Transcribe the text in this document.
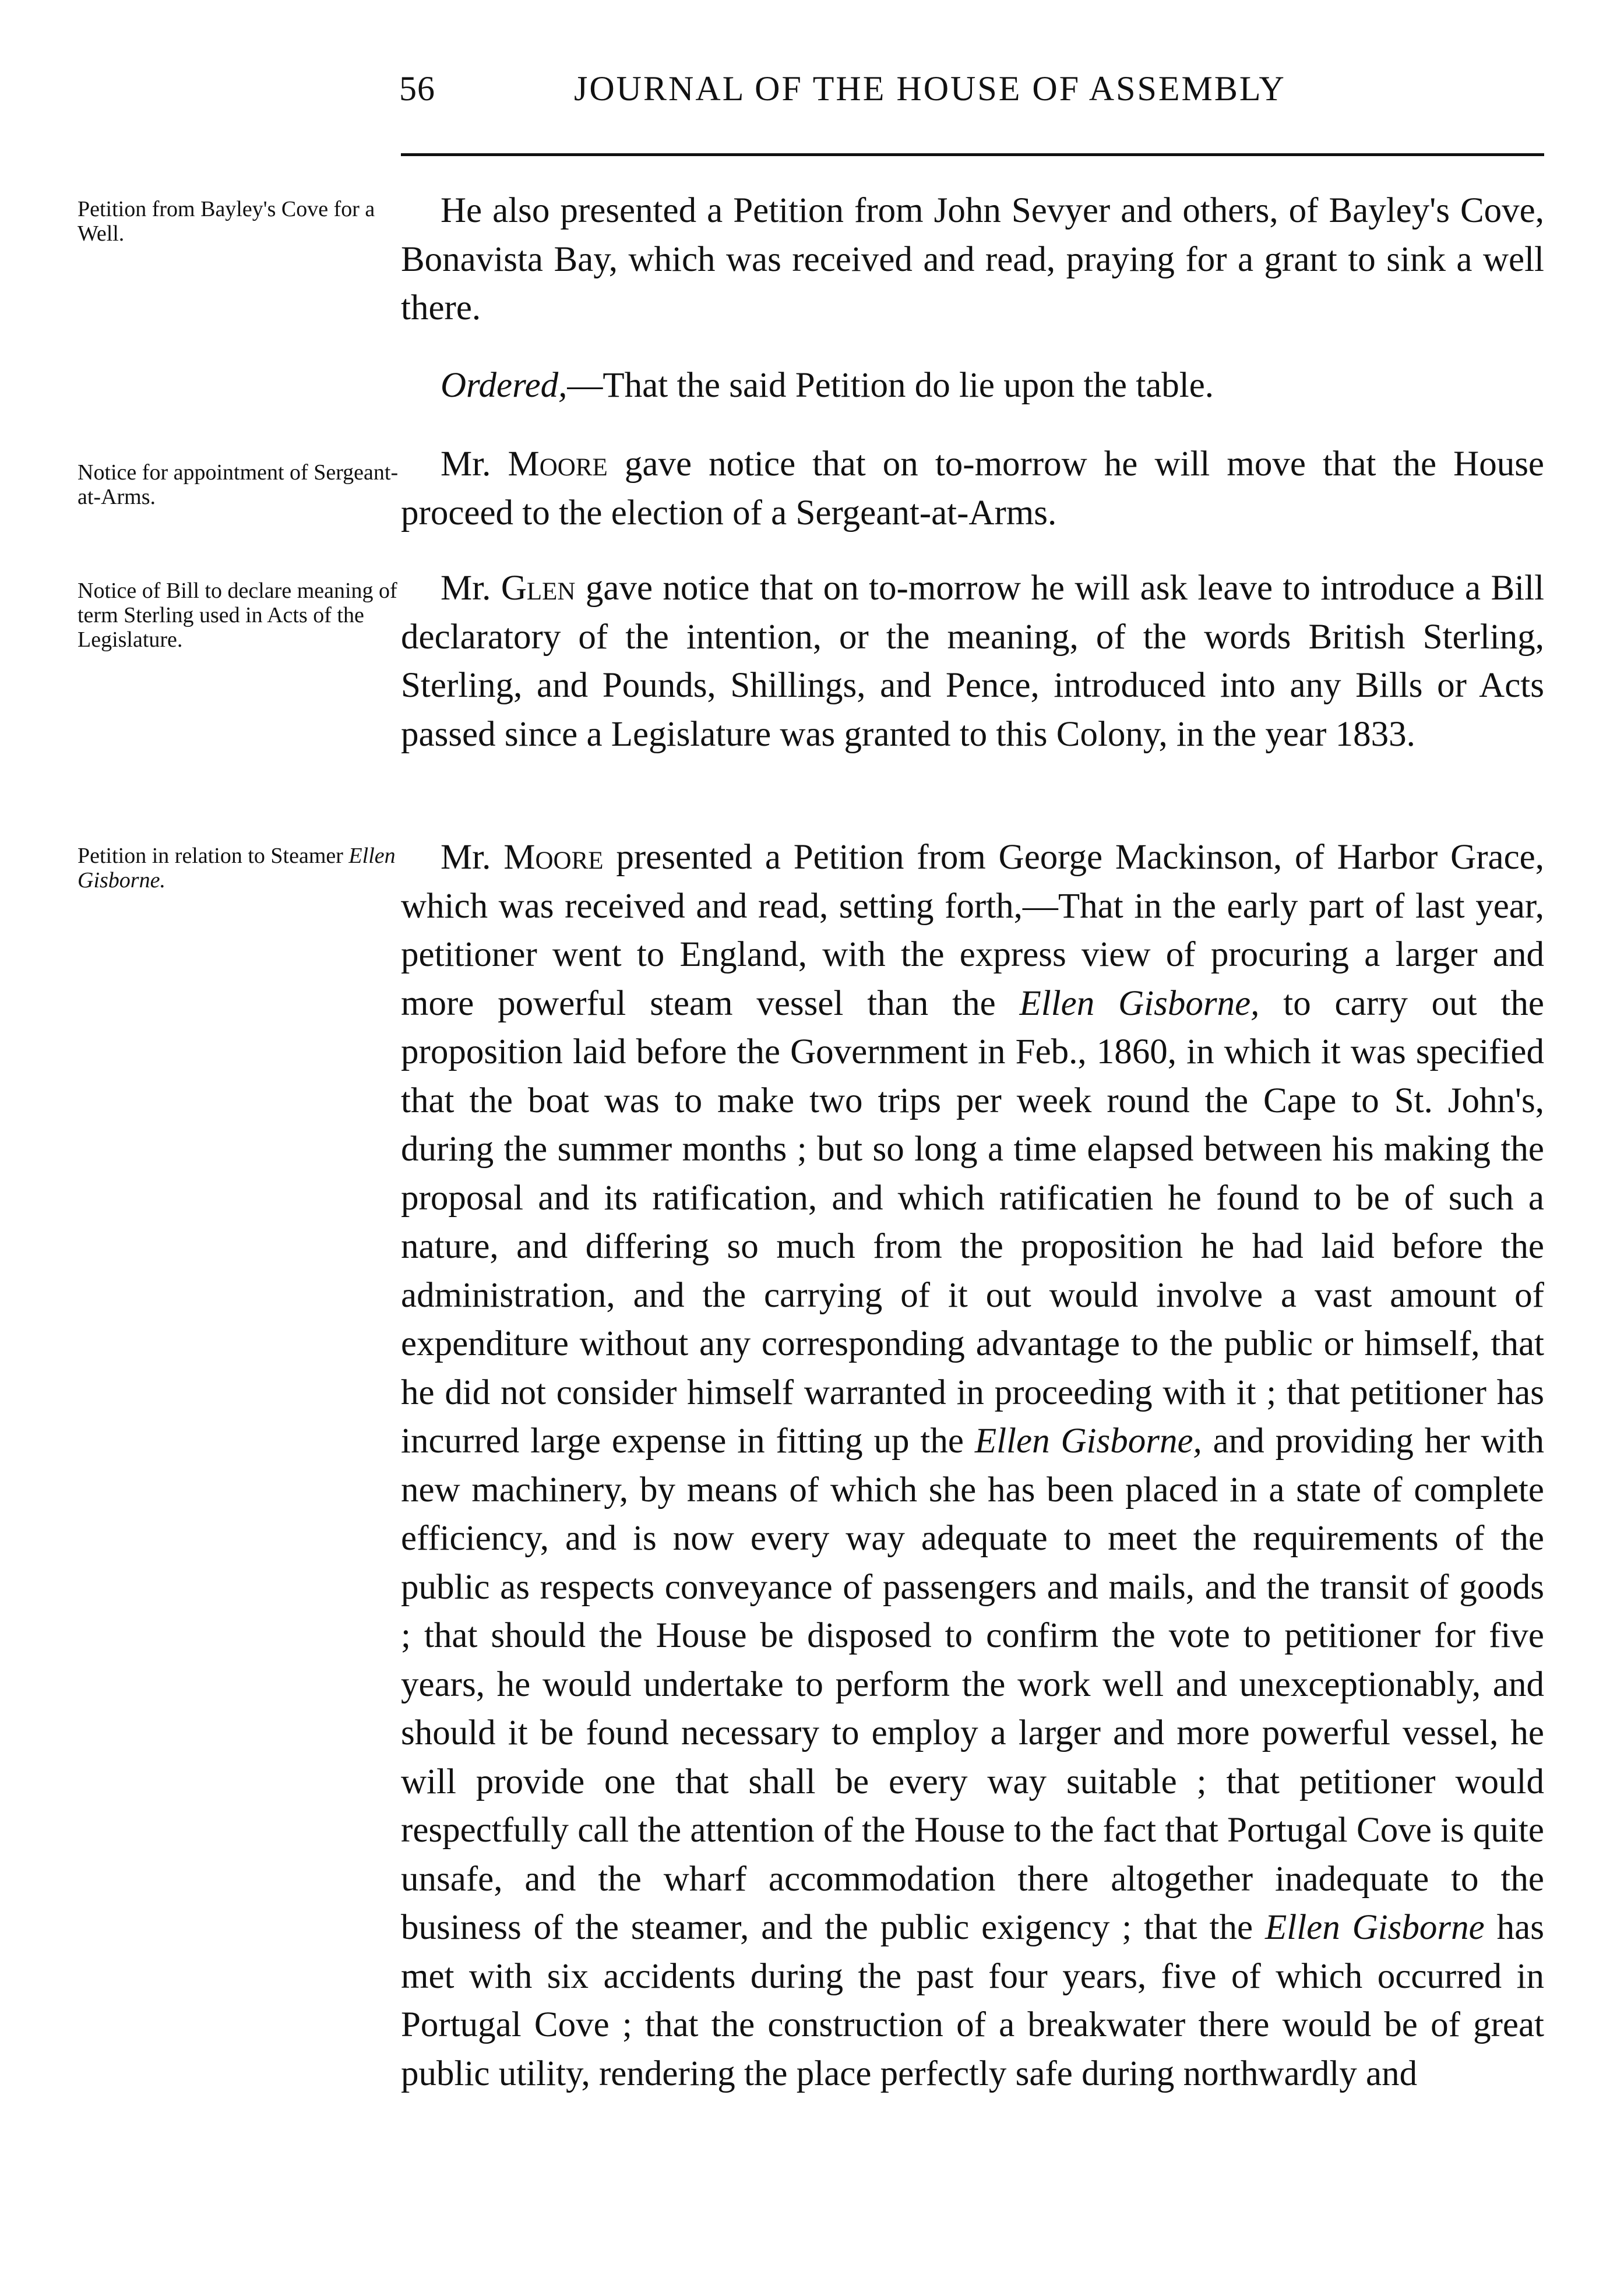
56	JOURNAL OF THE HOUSE OF ASSEMBLY
Petition from Bayley's Cove for a Well.
Notice for appointment of Sergeant-at-Arms.
Notice of Bill to declare meaning of term Sterling used in Acts of the Legislature.
Petition in relation to Steamer Ellen Gisborne.

He also presented a Petition from John Sevyer and others, of Bayley's Cove, Bonavista Bay, which was received and read, praying for a grant to sink a well there.

Ordered,—That the said Petition do lie upon the table.

Mr. Moore gave notice that on to-morrow he will move that the House proceed to the election of a Sergeant-at-Arms.

Mr. Glen gave notice that on to-morrow he will ask leave to introduce a Bill declaratory of the intention, or the meaning, of the words British Sterling, Sterling, and Pounds, Shillings, and Pence, introduced into any Bills or Acts passed since a Legislature was granted to this Colony, in the year 1833.

Mr. Moore presented a Petition from George Mackinson, of Harbor Grace, which was received and read, setting forth,—That in the early part of last year, petitioner went to England, with the express view of procuring a larger and more powerful steam vessel than the Ellen Gisborne, to carry out the proposition laid before the Government in Feb., 1860, in which it was specified that the boat was to make two trips per week round the Cape to St. John's, during the summer months ; but so long a time elapsed between his making the proposal and its ratification, and which ratificatien he found to be of such a nature, and differing so much from the proposition he had laid before the administration, and the carrying of it out would involve a vast amount of expenditure without any corresponding advantage to the public or himself, that he did not consider himself warranted in proceeding with it ; that petitioner has incurred large expense in fitting up the Ellen Gisborne, and providing her with new machinery, by means of which she has been placed in a state of complete efficiency, and is now every way adequate to meet the requirements of the public as respects conveyance of passengers and mails, and the transit of goods ; that should the House be disposed to confirm the vote to petitioner for five years, he would undertake to perform the work well and unexceptionably, and should it be found necessary to employ a larger and more powerful vessel, he will provide one that shall be every way suitable ; that petitioner would respectfully call the attention of the House to the fact that Portugal Cove is quite unsafe, and the wharf accommodation there altogether inadequate to the business of the steamer, and the public exigency ; that the Ellen Gisborne has met with six accidents during the past four years, five of which occurred in Portugal Cove ; that the construction of a breakwater there would be of great public utility, rendering the place perfectly safe during northwardly and
